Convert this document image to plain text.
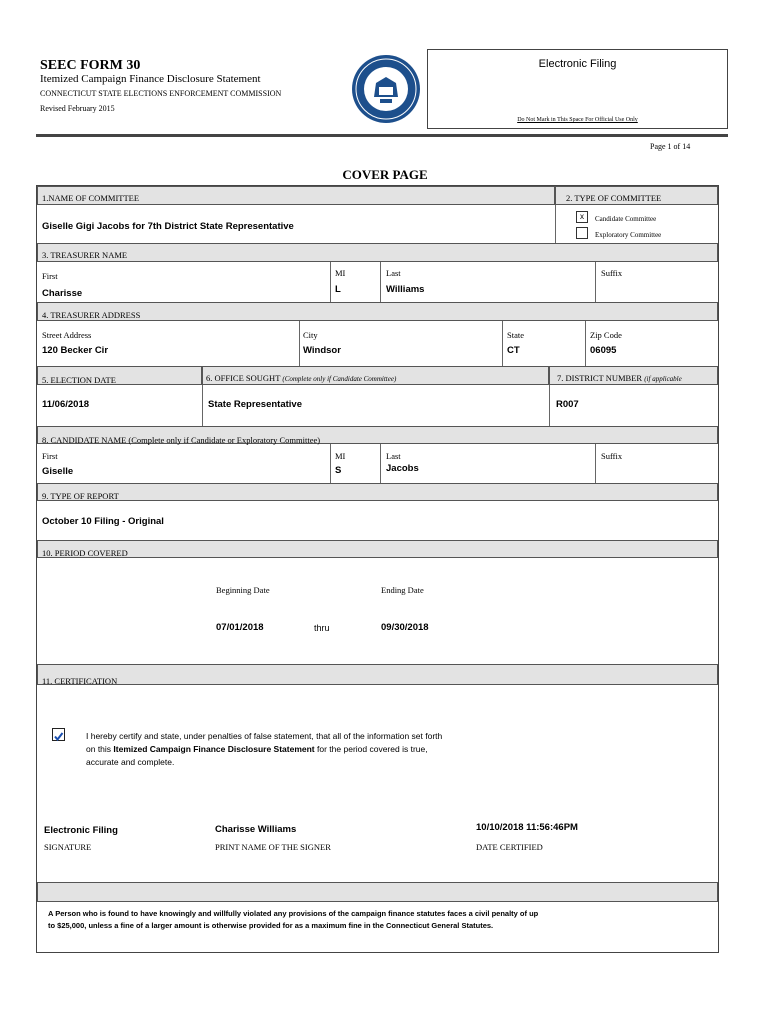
SEEC FORM 30
Itemized Campaign Finance Disclosure Statement
CONNECTICUT STATE ELECTIONS ENFORCEMENT COMMISSION
Revised February 2015
Electronic Filing
Do Not Mark in This Space For Official Use Only
Page 1 of 14
COVER PAGE
1.NAME OF COMMITTEE	2. TYPE OF COMMITTEE
Giselle Gigi Jacobs for 7th District State Representative
x	Candidate Committee
Exploratory Committee
3. TREASURER NAME
First	MI	Last	Suffix
Charisse	L	Williams
4. TREASURER ADDRESS
Street Address	City	State	Zip Code
120 Becker Cir	Windsor	CT	06095
5. ELECTION DATE	6. OFFICE SOUGHT (Complete only if Candidate Committee)	7. DISTRICT NUMBER (if applicable
11/06/2018	State Representative	R007
8. CANDIDATE NAME (Complete only if Candidate or Exploratory Committee)
First	MI	Last	Suffix
Giselle	S	Jacobs
9. TYPE OF REPORT
October 10 Filing - Original
10. PERIOD COVERED
Beginning Date	Ending Date
07/01/2018	thru	09/30/2018
11. CERTIFICATION
I hereby certify and state, under penalties of false statement, that all of the information set forth
on this Itemized Campaign Finance Disclosure Statement for the period covered is true,
accurate and complete.
Electronic Filing	Charisse Williams	10/10/2018 11:56:46PM
SIGNATURE	PRINT NAME OF THE SIGNER	DATE CERTIFIED
A Person who is found to have knowingly and willfully violated any provisions of the campaign finance statutes faces a civil penalty of up
to $25,000, unless a fine of a larger amount is otherwise provided for as a maximum fine in the Connecticut General Statutes.
